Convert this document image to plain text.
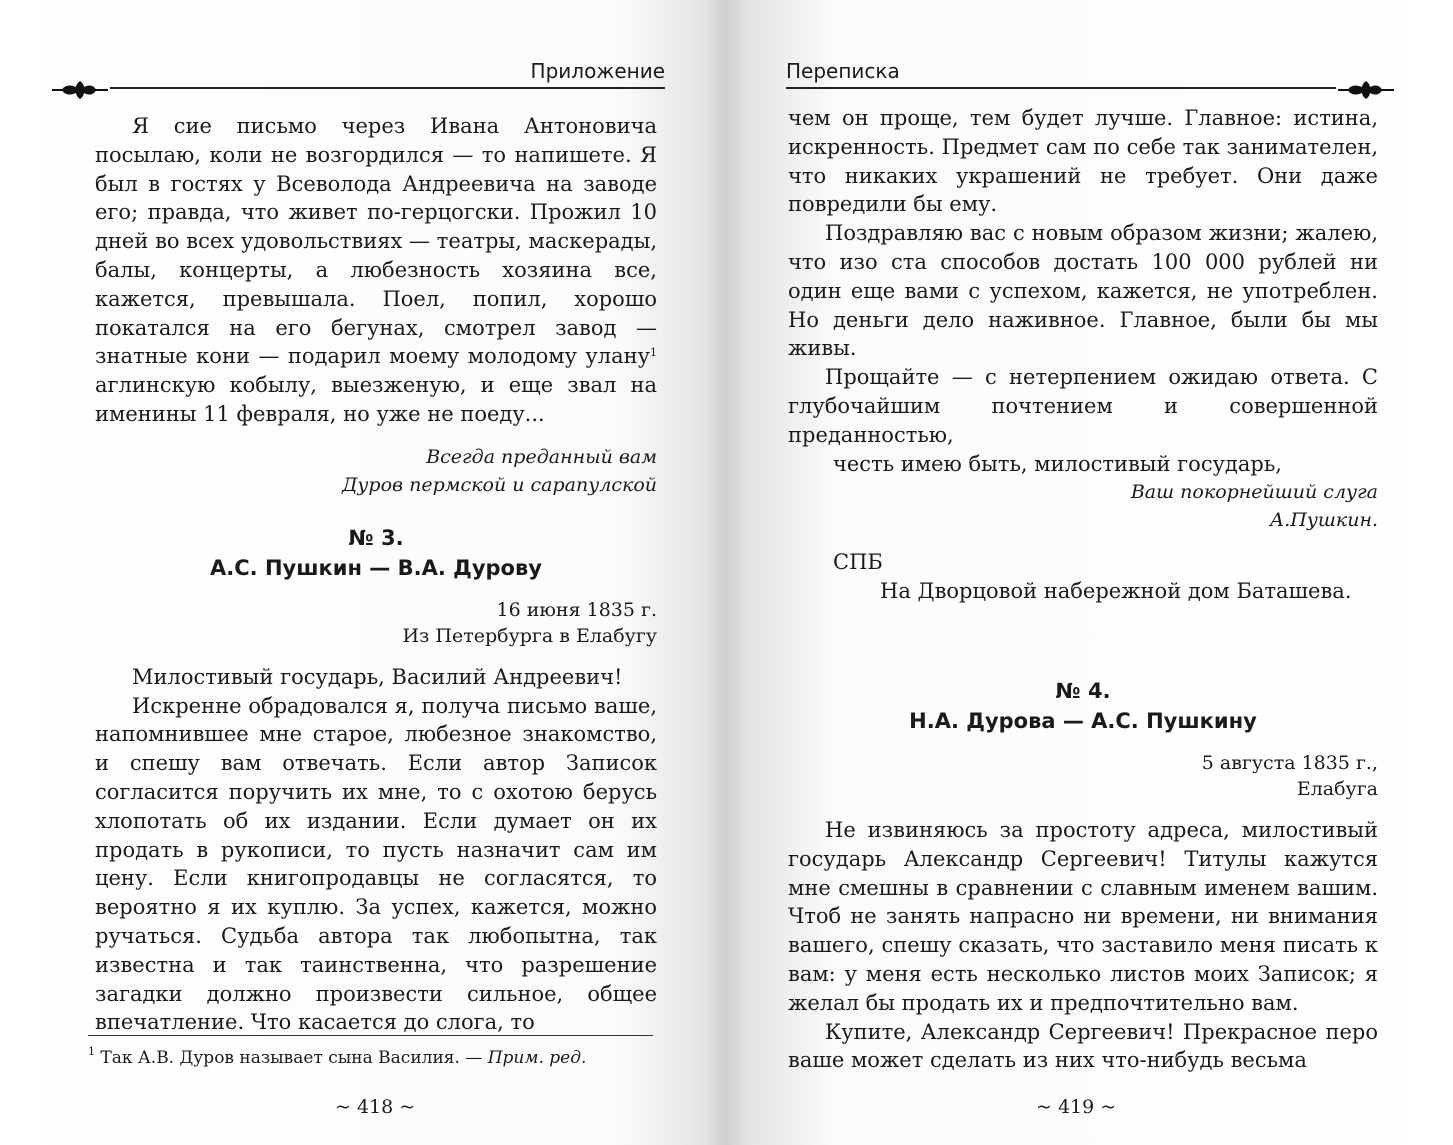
Приложение

Я сие письмо через Ивана Антоновича посылаю, коли не возгордился — то напишете. Я был в гостях у Всеволода Андреевича на заводе его; правда, что живет по-герцогски. Прожил 10 дней во всех удовольствиях — театры, маскерады, балы, концерты, а любезность хозяина все, кажется, превышала. Поел, попил, хорошо покатался на его бегунах, смотрел завод — знатные кони — подарил моему молодому улану$^1$ аглинскую кобылу, выезженую, и еще звал на именины 11 февраля, но уже не поеду...

Всегда преданный вам
Дуров пермской и сарапулской
№ 3.
А.С. Пушкин — В.А. Дурову
16 июня 1835 г.
Из Петербурга в Елабугу

Милостивый государь, Василий Андреевич!

Искренне обрадовался я, получа письмо ваше, напомнившее мне старое, любезное знакомство, и спешу вам отвечать. Если автор Записок согласится поручить их мне, то с охотою берусь хлопотать об их издании. Если думает он их продать в рукописи, то пусть назначит сам им цену. Если книгопродавцы не согласятся, то вероятно я их куплю. За успех, кажется, можно ручаться. Судьба автора так любопытна, так известна и так таинственна, что разрешение загадки должно произвести сильное, общее впечатление. Что касается до слога, то

$^1$ Так А.В. Дуров называет сына Василия. — Прим. ред.
~ 418 ~
Переписка

чем он проще, тем будет лучше. Главное: истина, искренность. Предмет сам по себе так занимателен, что никаких украшений не требует. Они даже повредили бы ему.

Поздравляю вас с новым образом жизни; жалею, что изо ста способов достать 100 000 рублей ни один еще вами с успехом, кажется, не употреблен. Но деньги дело наживное. Главное, были бы мы живы.

Прощайте — с нетерпением ожидаю ответа. С глубочайшим почтением и совершенной преданностью,

честь имею быть, милостивый государь,
Ваш покорнейший слуга
А.Пушкин.
СПБ
На Дворцовой набережной дом Баташева.
№ 4.
Н.А. Дурова — А.С. Пушкину
5 августа 1835 г.,
Елабуга

Не извиняюсь за простоту адреса, милостивый государь Александр Сергеевич! Титулы кажутся мне смешны в сравнении с славным именем вашим. Чтоб не занять напрасно ни времени, ни внимания вашего, спешу сказать, что заставило меня писать к вам: у меня есть несколько листов моих Записок; я желал бы продать их и предпочтительно вам.

Купите, Александр Сергеевич! Прекрасное перо ваше может сделать из них что-нибудь весьма

~ 419 ~
